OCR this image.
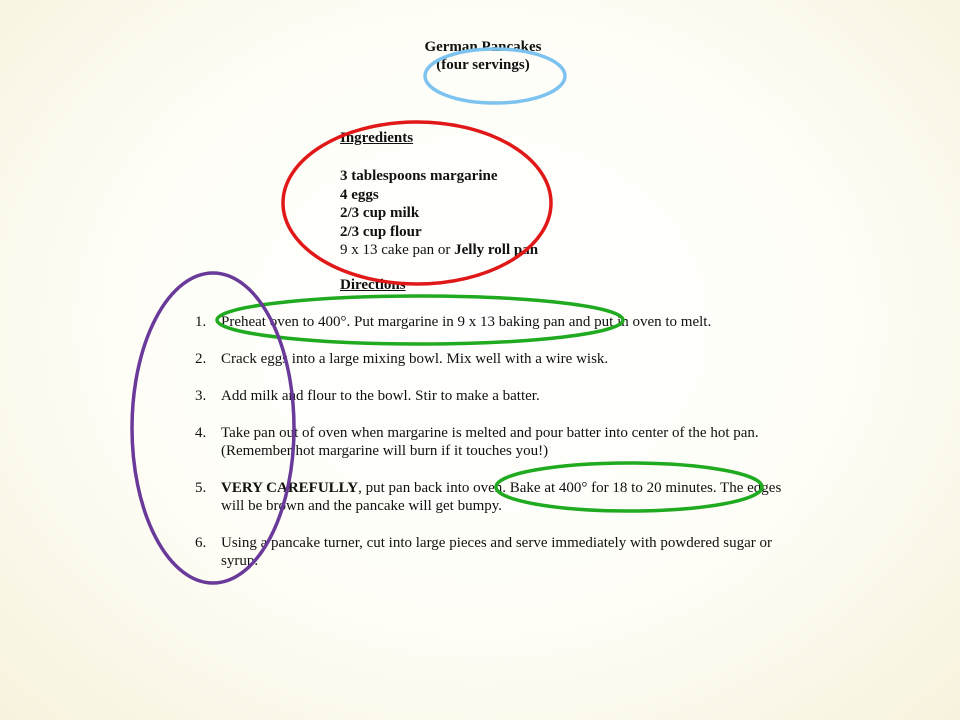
German Pancakes
(four servings)
Ingredients
3 tablespoons margarine
4 eggs
2/3 cup milk
2/3 cup flour
9 x 13 cake pan or Jelly roll pan
Directions
1. Preheat oven to 400°. Put margarine in 9 x 13 baking pan and put in oven to melt.
2. Crack eggs into a large mixing bowl. Mix well with a wire wisk.
3. Add milk and flour to the bowl. Stir to make a batter.
4. Take pan out of oven when margarine is melted and pour batter into center of the hot pan.
(Remember hot margarine will burn if it touches you!)
5. VERY CAREFULLY, put pan back into oven. Bake at 400° for 18 to 20 minutes. The edges
will be brown and the pancake will get bumpy.
6. Using a pancake turner, cut into large pieces and serve immediately with powdered sugar or
syrup.
